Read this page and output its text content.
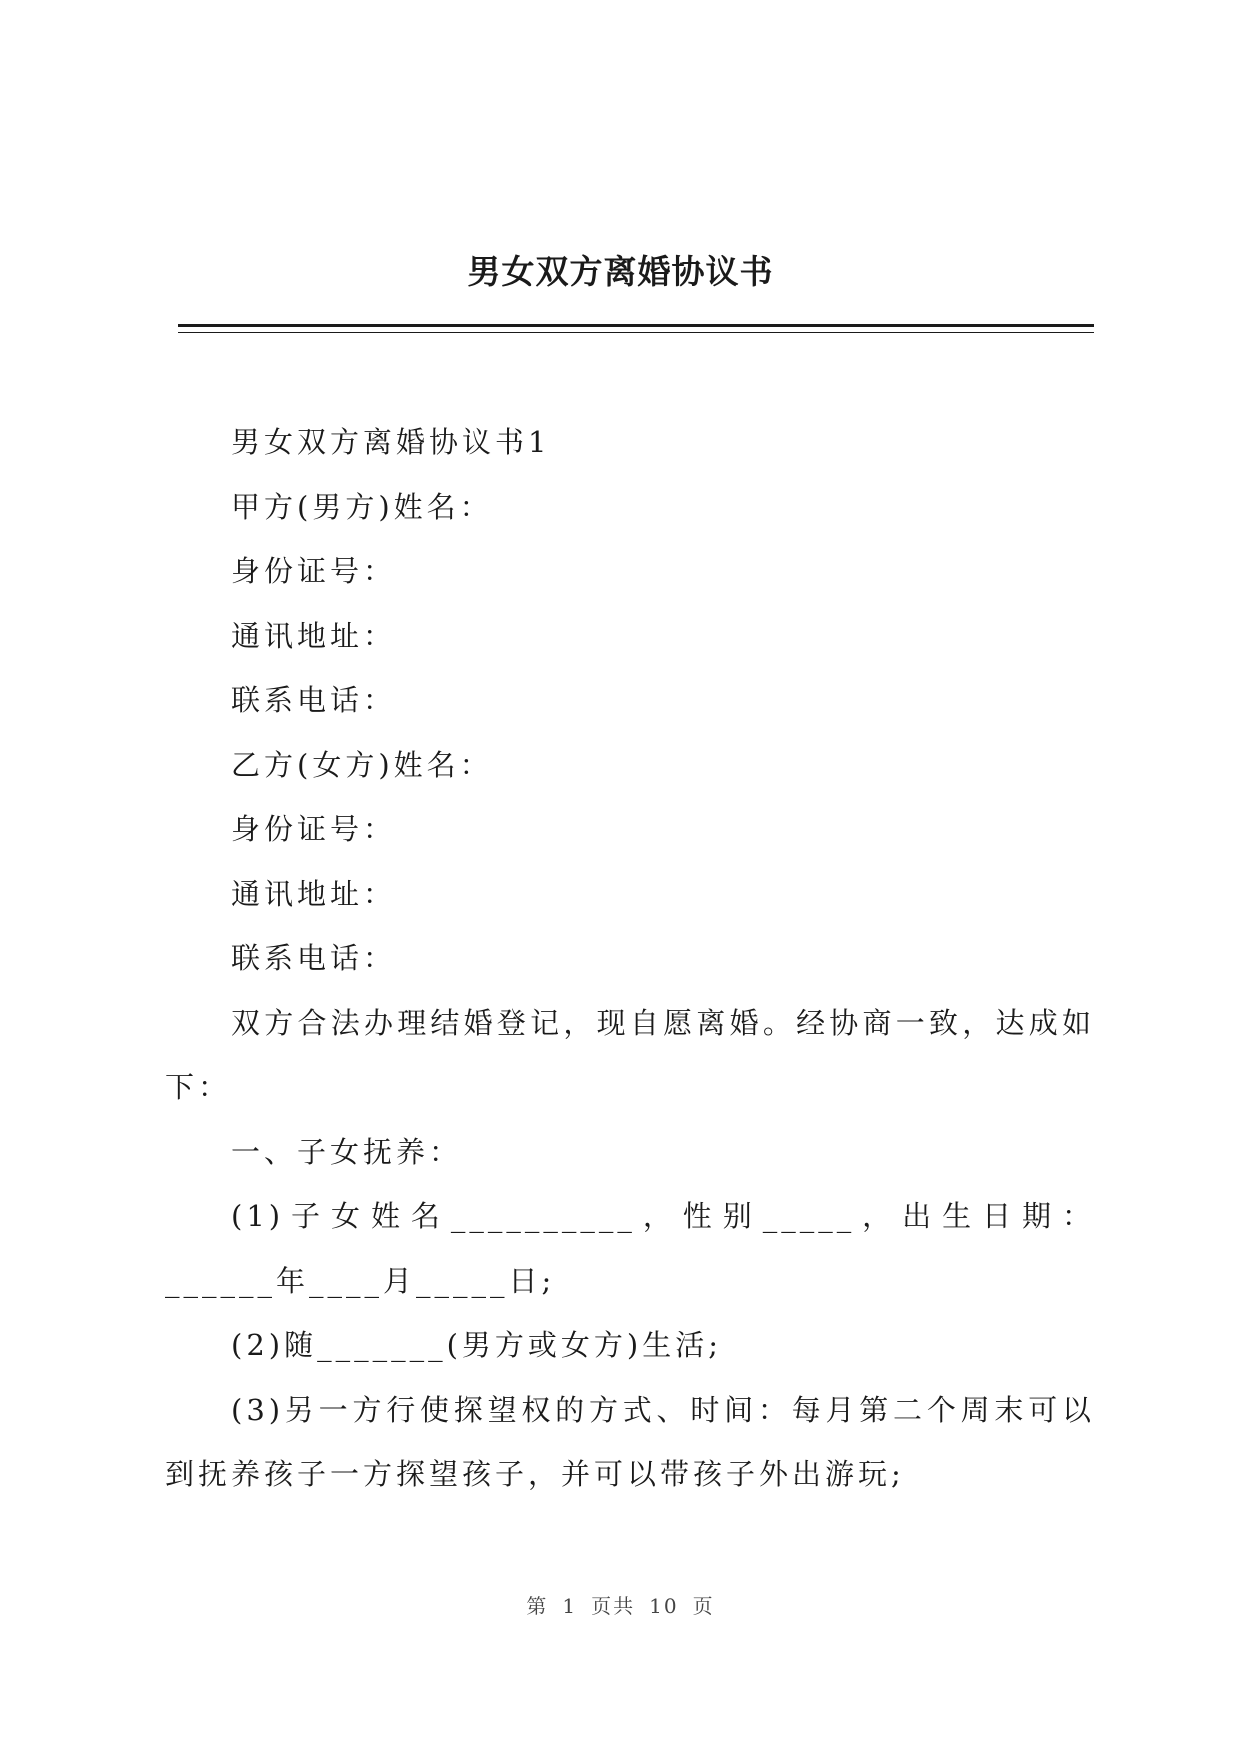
男女双方离婚协议书

男女双方离婚协议书1

甲方(男方)姓名：

身份证号：

通讯地址：

联系电话：

乙方(女方)姓名：

身份证号：

通讯地址：

联系电话：

双方合法办理结婚登记，现自愿离婚。经协商一致，达成如下：

一、子女抚养：

(1)子女姓名__________，性别_____，出生日期：______年____月_____日;

(2)随_______(男方或女方)生活;

(3)另一方行使探望权的方式、时间：每月第二个周末可以到抚养孩子一方探望孩子，并可以带孩子外出游玩;

第 1 页共 10 页
